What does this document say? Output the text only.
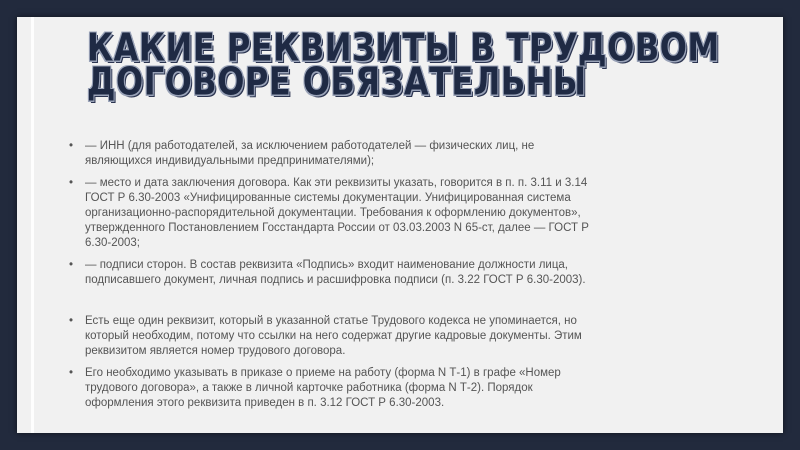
КАКИЕ РЕКВИЗИТЫ В ТРУДОВОМ
ДОГОВОРЕ ОБЯЗАТЕЛЬНЫ
• — ИНН (для работодателей, за исключением работодателей — физических лиц, не являющихся индивидуальными предпринимателями);
• — место и дата заключения договора. Как эти реквизиты указать, говорится в п. п. 3.11 и 3.14 ГОСТ Р 6.30-2003 «Унифицированные системы документации. Унифицированная система организационно-распорядительной документации. Требования к оформлению документов», утвержденного Постановлением Госстандарта России от 03.03.2003 N 65-ст, далее — ГОСТ Р 6.30-2003;
• — подписи сторон. В состав реквизита «Подпись» входит наименование должности лица, подписавшего документ, личная подпись и расшифровка подписи (п. 3.22 ГОСТ Р 6.30-2003).
• Есть еще один реквизит, который в указанной статье Трудового кодекса не упоминается, но который необходим, потому что ссылки на него содержат другие кадровые документы. Этим реквизитом является номер трудового договора.
• Его необходимо указывать в приказе о приеме на работу (форма N Т-1) в графе «Номер трудового договора», а также в личной карточке работника (форма N Т-2). Порядок оформления этого реквизита приведен в п. 3.12 ГОСТ Р 6.30-2003.
